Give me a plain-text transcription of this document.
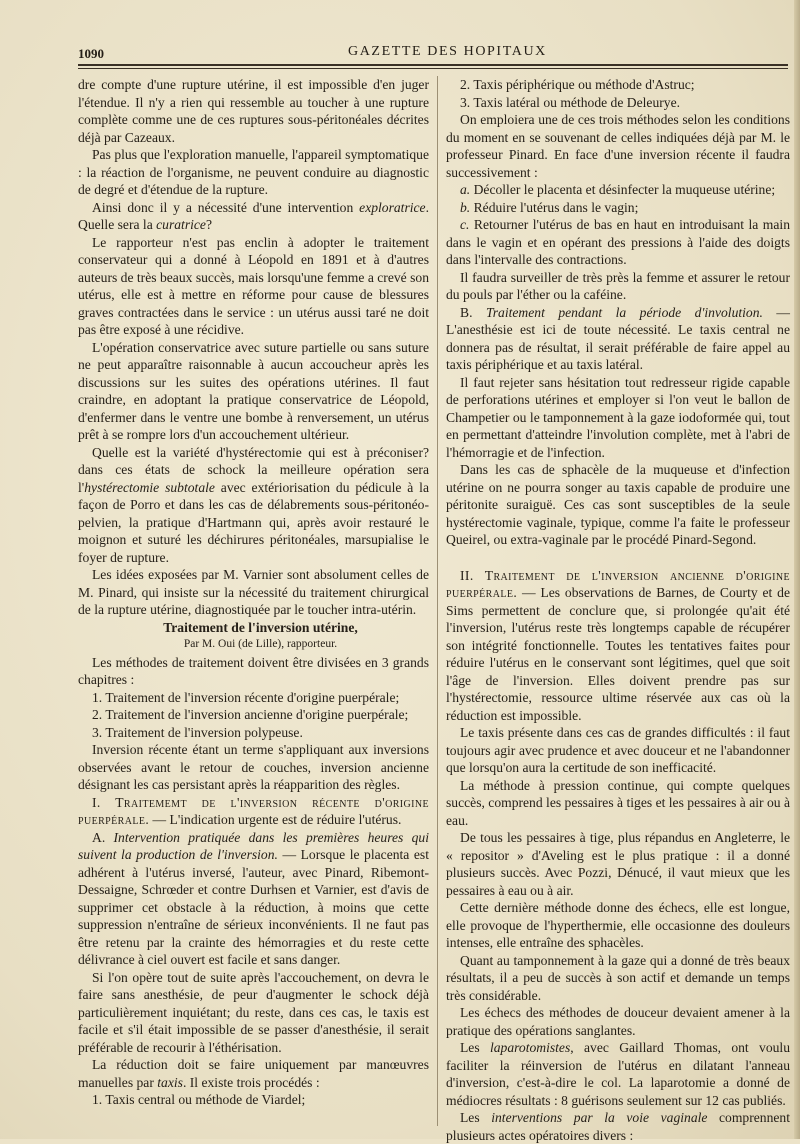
1090	GAZETTE DES HOPITAUX

dre compte d'une rupture utérine, il est impossible d'en juger l'étendue. Il n'y a rien qui ressemble au toucher à une rupture complète comme une de ces ruptures sous-péritonéales décrites déjà par Cazeaux.

Pas plus que l'exploration manuelle, l'appareil symptomatique : la réaction de l'organisme, ne peuvent conduire au diagnostic de degré et d'étendue de la rupture.

Ainsi donc il y a nécessité d'une intervention exploratrice. Quelle sera la curatrice?

Le rapporteur n'est pas enclin à adopter le traitement conservateur qui a donné à Léopold en 1891 et à d'autres auteurs de très beaux succès, mais lorsqu'une femme a crevé son utérus, elle est à mettre en réforme pour cause de blessures graves contractées dans le service : un utérus aussi taré ne doit pas être exposé à une récidive.

L'opération conservatrice avec suture partielle ou sans suture ne peut apparaître raisonnable à aucun accoucheur après les discussions sur les suites des opérations utérines. Il faut craindre, en adoptant la pratique conservatrice de Léopold, d'enfermer dans le ventre une bombe à renversement, un utérus prêt à se rompre lors d'un accouchement ultérieur.

Quelle est la variété d'hystérectomie qui est à préconiser? dans ces états de schock la meilleure opération sera l'hystérectomie subtotale avec extériorisation du pédicule à la façon de Porro et dans les cas de délabrements sous-péritonéo-pelvien, la pratique d'Hartmann qui, après avoir restauré le moignon et suturé les déchirures péritonéales, marsupialise le foyer de rupture.

Les idées exposées par M. Varnier sont absolument celles de M. Pinard, qui insiste sur la nécessité du traitement chirurgical de la rupture utérine, diagnostiquée par le toucher intra-utérin.

Traitement de l'inversion utérine,

Par M. Oui (de Lille), rapporteur.

Les méthodes de traitement doivent être divisées en 3 grands chapitres :

1. Traitement de l'inversion récente d'origine puerpérale;

2. Traitement de l'inversion ancienne d'origine puerpérale;

3. Traitement de l'inversion polypeuse.

Inversion récente étant un terme s'appliquant aux inversions observées avant le retour de couches, inversion ancienne désignant les cas persistant après la réapparition des règles.

I. Traitememt de l'inversion récente d'origine puerpérale. — L'indication urgente est de réduire l'utérus.

A. Intervention pratiquée dans les premières heures qui suivent la production de l'inversion. — Lorsque le placenta est adhérent à l'utérus inversé, l'auteur, avec Pinard, Ribemont-Dessaigne, Schrœder et contre Durhsen et Varnier, est d'avis de supprimer cet obstacle à la réduction, à moins que cette suppression n'entraîne de sérieux inconvénients. Il ne faut pas être retenu par la crainte des hémorragies et du reste cette délivrance à ciel ouvert est facile et sans danger.

Si l'on opère tout de suite après l'accouchement, on devra le faire sans anesthésie, de peur d'augmenter le schock déjà particulièrement inquiétant; du reste, dans ces cas, le taxis est facile et s'il était impossible de se passer d'anesthésie, il serait préférable de recourir à l'éthérisation.

La réduction doit se faire uniquement par manœuvres manuelles par taxis. Il existe trois procédés :

1. Taxis central ou méthode de Viardel;

2. Taxis périphérique ou méthode d'Astruc;

3. Taxis latéral ou méthode de Deleurye.

On emploiera une de ces trois méthodes selon les conditions du moment en se souvenant de celles indiquées déjà par M. le professeur Pinard. En face d'une inversion récente il faudra successivement :

a. Décoller le placenta et désinfecter la muqueuse utérine;

b. Réduire l'utérus dans le vagin;

c. Retourner l'utérus de bas en haut en introduisant la main dans le vagin et en opérant des pressions à l'aide des doigts dans l'intervalle des contractions.

Il faudra surveiller de très près la femme et assurer le retour du pouls par l'éther ou la caféine.

B. Traitement pendant la période d'involution. — L'anesthésie est ici de toute nécessité. Le taxis central ne donnera pas de résultat, il serait préférable de faire appel au taxis périphérique et au taxis latéral.

Il faut rejeter sans hésitation tout redresseur rigide capable de perforations utérines et employer si l'on veut le ballon de Champetier ou le tamponnement à la gaze iodoformée qui, tout en permettant d'atteindre l'involution complète, met à l'abri de l'hémorragie et de l'infection.

Dans les cas de sphacèle de la muqueuse et d'infection utérine on ne pourra songer au taxis capable de produire une péritonite suraiguë. Ces cas sont susceptibles de la seule hystérectomie vaginale, typique, comme l'a faite le professeur Queirel, ou extra-vaginale par le procédé Pinard-Segond.

II. Traitement de l'inversion ancienne d'origine puerpérale. — Les observations de Barnes, de Courty et de Sims permettent de conclure que, si prolongée qu'ait été l'inversion, l'utérus reste très longtemps capable de récupérer son intégrité fonctionnelle. Toutes les tentatives faites pour réduire l'utérus en le conservant sont légitimes, quel que soit l'âge de l'inversion. Elles doivent prendre pas sur l'hystérectomie, ressource ultime réservée aux cas où la réduction est impossible.

Le taxis présente dans ces cas de grandes difficultés : il faut toujours agir avec prudence et avec douceur et ne l'abandonner que lorsqu'on aura la certitude de son inefficacité.

La méthode à pression continue, qui compte quelques succès, comprend les pessaires à tiges et les pessaires à air ou à eau.

De tous les pessaires à tige, plus répandus en Angleterre, le « repositor » d'Aveling est le plus pratique : il a donné plusieurs succès. Avec Pozzi, Dénucé, il vaut mieux que les pessaires à eau ou à air.

Cette dernière méthode donne des échecs, elle est longue, elle provoque de l'hyperthermie, elle occasionne des douleurs intenses, elle entraîne des sphacèles.

Quant au tamponnement à la gaze qui a donné de très beaux résultats, il a peu de succès à son actif et demande un temps très considérable.

Les échecs des méthodes de douceur devaient amener à la pratique des opérations sanglantes.

Les laparotomistes, avec Gaillard Thomas, ont voulu faciliter la réinversion de l'utérus en dilatant l'anneau d'inversion, c'est-à-dire le col. La laparotomie a donné de médiocres résultats : 8 guérisons seulement sur 12 cas publiés.

Les interventions par la voie vaginale comprennent plusieurs actes opératoires divers :
